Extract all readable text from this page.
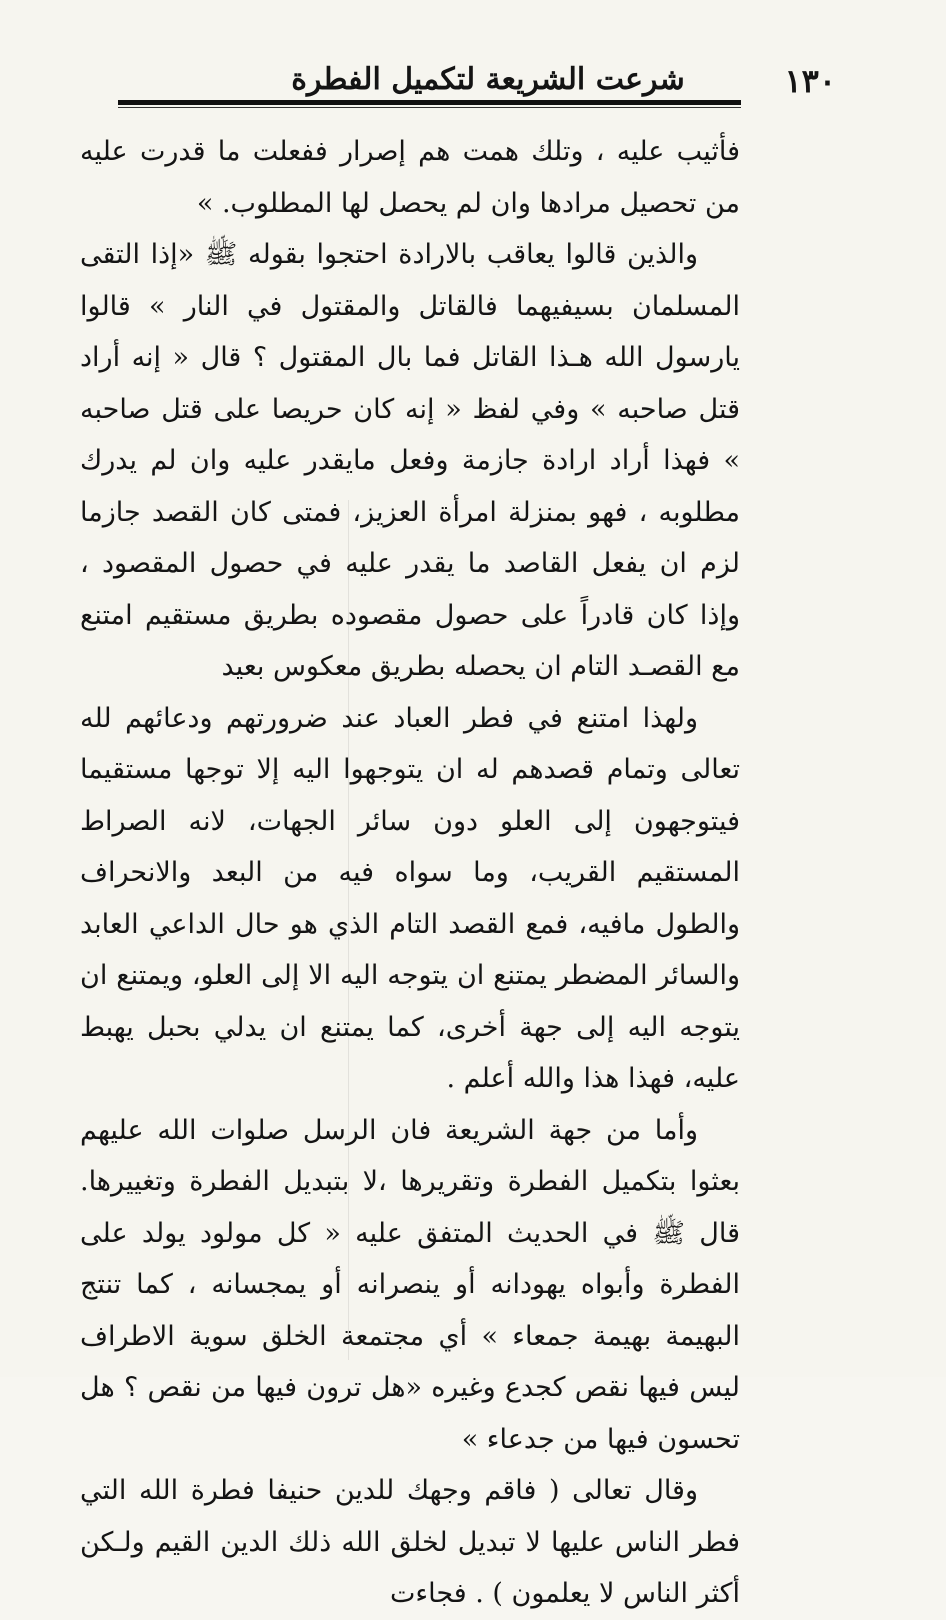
١٣٠
شرعت الشريعة لتكميل الفطرة

فأثيب عليه ، وتلك همت هم إصرار ففعلت ما قدرت عليه من تحصيل مرادها وان لم يحصل لها المطلوب. »

والذين قالوا يعاقب بالارادة احتجوا بقوله ﷺ «إذا التقى المسلمان بسيفيهما فالقاتل والمقتول في النار » قالوا يارسول الله هـذا القاتل فما بال المقتول ؟ قال « إنه أراد قتل صاحبه » وفي لفظ « إنه كان حريصا على قتل صاحبه » فهذا أراد ارادة جازمة وفعل مايقدر عليه وان لم يدرك مطلوبه ، فهو بمنزلة امرأة العزيز، فمتى كان القصد جازما لزم ان يفعل القاصد ما يقدر عليه في حصول المقصود ، وإذا كان قادراً على حصول مقصوده بطريق مستقيم امتنع مع القصـد التام ان يحصله بطريق معكوس بعيد

ولهذا امتنع في فطر العباد عند ضرورتهم ودعائهم لله تعالى وتمام قصدهم له ان يتوجهوا اليه إلا توجها مستقيما فيتوجهون إلى العلو دون سائر الجهات، لانه الصراط المستقيم القريب، وما سواه فيه من البعد والانحراف والطول مافيه، فمع القصد التام الذي هو حال الداعي العابد والسائر المضطر يمتنع ان يتوجه اليه الا إلى العلو، ويمتنع ان يتوجه اليه إلى جهة أخرى، كما يمتنع ان يدلي بحبل يهبط عليه، فهذا هذا والله أعلم .

وأما من جهة الشريعة فان الرسل صلوات الله عليهم بعثوا بتكميل الفطرة وتقريرها ،لا بتبديل الفطرة وتغييرها. قال ﷺ في الحديث المتفق عليه « كل مولود يولد على الفطرة وأبواه يهودانه أو ينصرانه أو يمجسانه ، كما تنتج البهيمة بهيمة جمعاء » أي مجتمعة الخلق سوية الاطراف ليس فيها نقص كجدع وغيره «هل ترون فيها من نقص ؟ هل تحسون فيها من جدعاء »

وقال تعالى ( فاقم وجهك للدين حنيفا فطرة الله التي فطر الناس عليها لا تبديل لخلق الله ذلك الدين القيم ولـكن أكثر الناس لا يعلمون ) . فجاءت
